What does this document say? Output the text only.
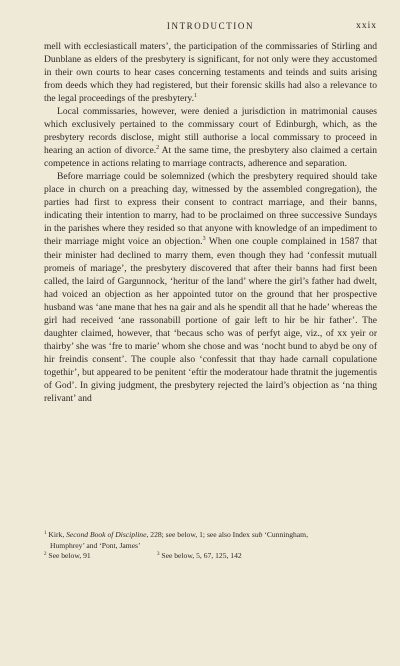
INTRODUCTION	xxix

mell with ecclesiasticall maters’, the participation of the commissaries of Stirling and Dunblane as elders of the presbytery is significant, for not only were they accustomed in their own courts to hear cases concerning testaments and teinds and suits arising from deeds which they had registered, but their forensic skills had also a relevance to the legal proceedings of the presbytery.$^1$

Local commissaries, however, were denied a jurisdiction in matrimonial causes which exclusively pertained to the commissary court of Edinburgh, which, as the presbytery records disclose, might still authorise a local commissary to proceed in hearing an action of divorce.$^2$ At the same time, the presbytery also claimed a certain competence in actions relating to marriage contracts, adherence and separation.

Before marriage could be solemnized (which the presbytery required should take place in church on a preaching day, witnessed by the assembled congregation), the parties had first to express their consent to contract marriage, and their banns, indicating their intention to marry, had to be proclaimed on three successive Sundays in the parishes where they resided so that anyone with knowledge of an impediment to their marriage might voice an objection.$^3$ When one couple complained in 1587 that their minister had declined to marry them, even though they had ‘confessit mutuall promeis of mariage’, the presbytery discovered that after their banns had first been called, the laird of Gargunnock, ‘heritur of the land’ where the girl’s father had dwelt, had voiced an objection as her appointed tutor on the ground that her prospective husband was ‘ane mane that hes na gair and als he spendit all that he hade’ whereas the girl had received ‘ane rassonabill portione of gair left to hir be hir father’. The daughter claimed, however, that ‘becaus scho was of perfyt aige, viz., of xx yeir or thairby’ she was ‘fre to marie’ whom she chose and was ‘nocht bund to abyd be ony of hir freindis consent’. The couple also ‘confessit that thay hade carnall copulatione togethir’, but appeared to be penitent ‘eftir the moderatour hade thratnit the jugementis of God’. In giving judgment, the presbytery rejected the laird’s objection as ‘na thing relivant’ and

$^1$ Kirk, Second Book of Discipline, 228; see below, 1; see also Index sub ‘Cunningham,

Humphrey’ and ‘Pont, James’

$^2$ See below, 91	$^3$ See below, 5, 67, 125, 142
